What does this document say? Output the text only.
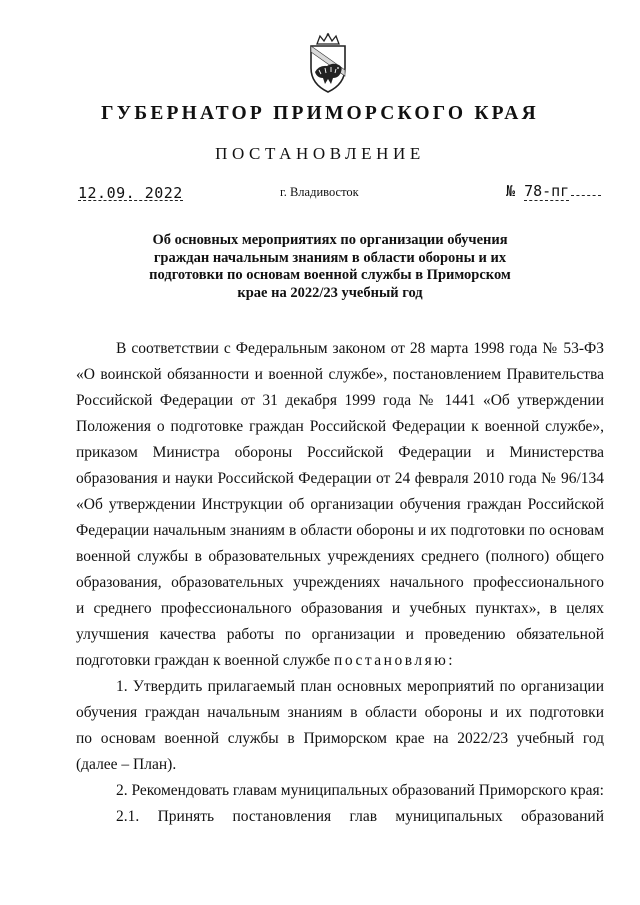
ГУБЕРНАТОР ПРИМОРСКОГО КРАЯ
ПОСТАНОВЛЕНИЕ
12.09. 2022	г. Владивосток	№ 78-пг
Об основных мероприятиях по организации обучения
граждан начальным знаниям в области обороны и их
подготовки по основам военной службы в Приморском
крае на 2022/23 учебный год
В соответствии с Федеральным законом от 28 марта 1998 года № 53-ФЗ
«О воинской обязанности и военной службе», постановлением Правительства
Российской Федерации от 31 декабря 1999 года № 1441 «Об утверждении
Положения о подготовке граждан Российской Федерации к военной службе»,
приказом Министра обороны Российской Федерации и Министерства
образования и науки Российской Федерации от 24 февраля 2010 года № 96/134
«Об утверждении Инструкции об организации обучения граждан Российской
Федерации начальным знаниям в области обороны и их подготовки по основам
военной службы в образовательных учреждениях среднего (полного) общего
образования, образовательных учреждениях начального профессионального
и среднего профессионального образования и учебных пунктах», в целях
улучшения качества работы по организации и проведению обязательной
подготовки граждан к военной службе постановляю:
1. Утвердить прилагаемый план основных мероприятий по организации
обучения граждан начальным знаниям в области обороны и их подготовки
по основам военной службы в Приморском крае на 2022/23 учебный год
(далее – План).
2. Рекомендовать главам муниципальных образований Приморского края:
2.1.   Принять   постановления   глав   муниципальных   образований
